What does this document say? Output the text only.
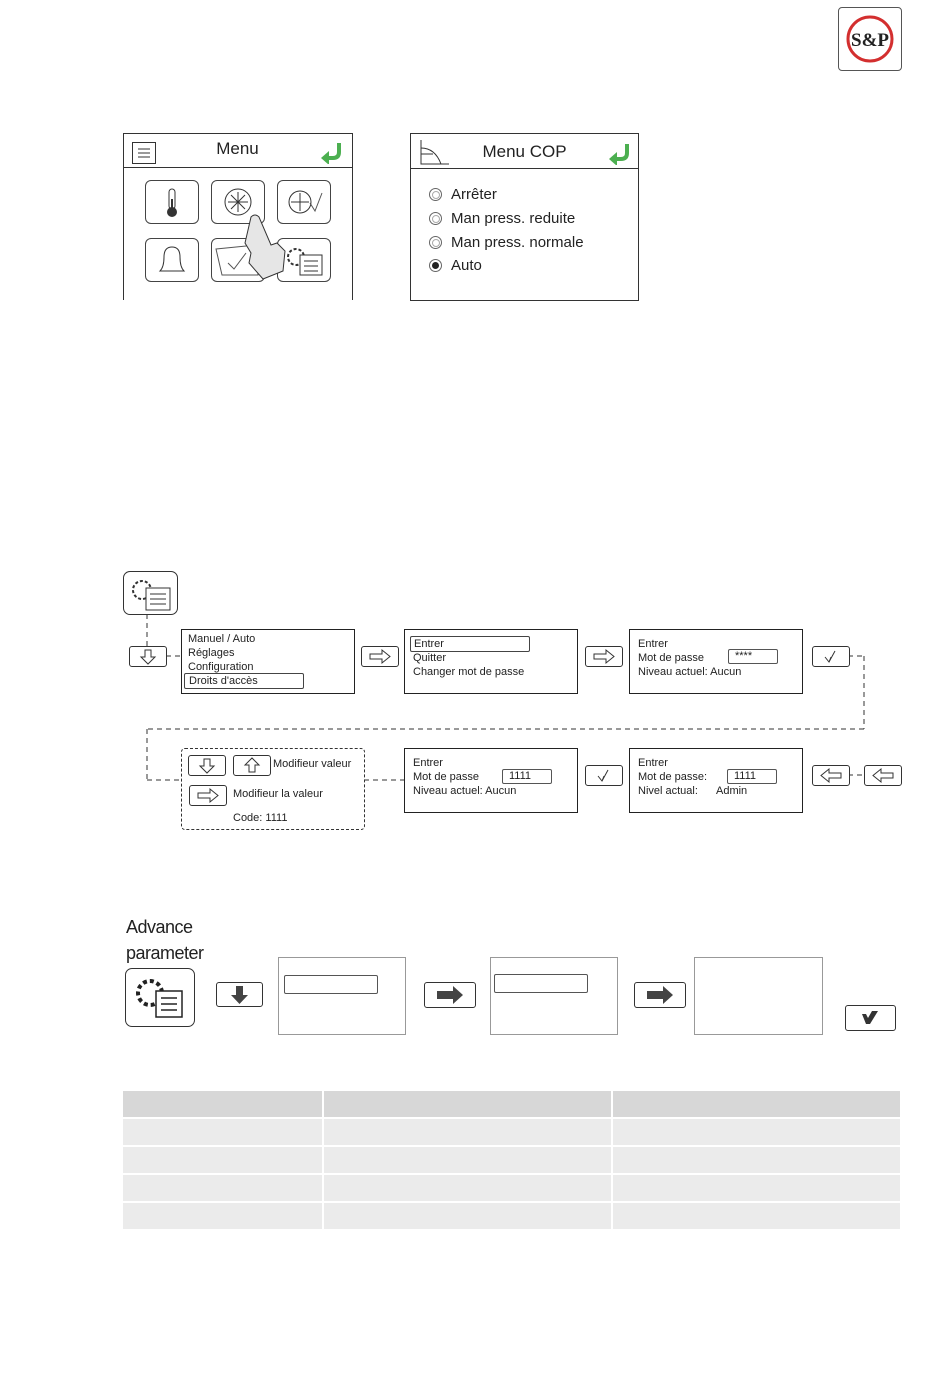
S&P
Menu	Menu COP
Arrêter
Man press. reduite
Man press. normale
Auto
Manuel / Auto
Réglages
Configuration
Droits d'accès
Entrer
Quitter
Changer mot de passe
Entrer
Mot de passe	****
Niveau actuel: Aucun
Modifieur valeur
Modifieur la valeur
Code: 1111
Entrer
Mot de passe	1111
Niveau actuel: Aucun
Entrer
Mot de passe:	1111
Nivel actual: Admin
Advance
parameter
